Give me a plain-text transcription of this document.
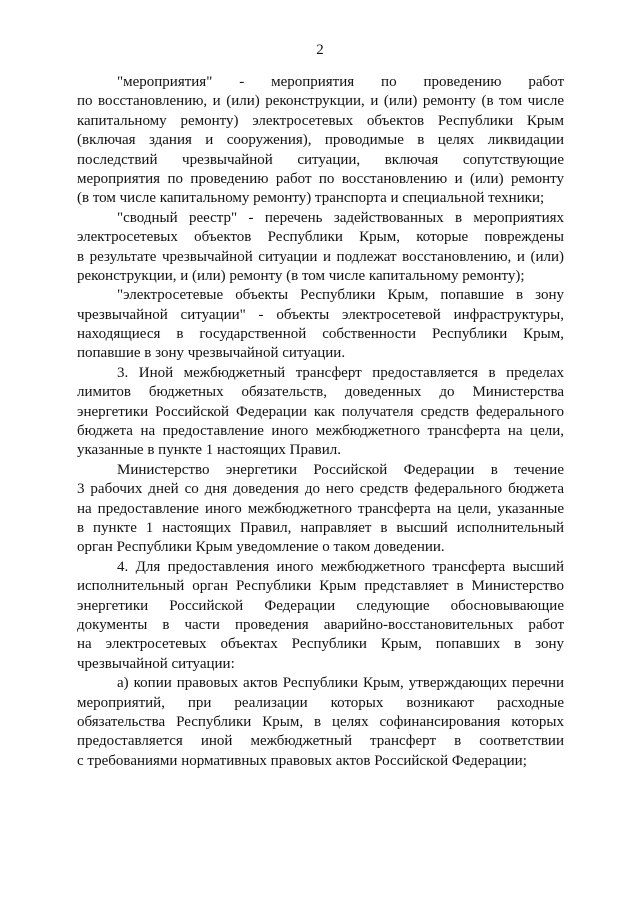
2
"мероприятия" - мероприятия по проведению работ
по восстановлению, и (или) реконструкции, и (или) ремонту (в том числе
капитальному ремонту) электросетевых объектов Республики Крым
(включая здания и сооружения), проводимые в целях ликвидации
последствий чрезвычайной ситуации, включая сопутствующие
мероприятия по проведению работ по восстановлению и (или) ремонту
(в том числе капитальному ремонту) транспорта и специальной техники;
"сводный реестр" - перечень задействованных в мероприятиях
электросетевых объектов Республики Крым, которые повреждены
в результате чрезвычайной ситуации и подлежат восстановлению, и (или)
реконструкции, и (или) ремонту (в том числе капитальному ремонту);
"электросетевые объекты Республики Крым, попавшие в зону
чрезвычайной ситуации" - объекты электросетевой инфраструктуры,
находящиеся в государственной собственности Республики Крым,
попавшие в зону чрезвычайной ситуации.
3. Иной межбюджетный трансферт предоставляется в пределах
лимитов бюджетных обязательств, доведенных до Министерства
энергетики Российской Федерации как получателя средств федерального
бюджета на предоставление иного межбюджетного трансферта на цели,
указанные в пункте 1 настоящих Правил.
Министерство энергетики Российской Федерации в течение
3 рабочих дней со дня доведения до него средств федерального бюджета
на предоставление иного межбюджетного трансферта на цели, указанные
в пункте 1 настоящих Правил, направляет в высший исполнительный
орган Республики Крым уведомление о таком доведении.
4. Для предоставления иного межбюджетного трансферта высший
исполнительный орган Республики Крым представляет в Министерство
энергетики Российской Федерации следующие обосновывающие
документы в части проведения аварийно-восстановительных работ
на электросетевых объектах Республики Крым, попавших в зону
чрезвычайной ситуации:
а) копии правовых актов Республики Крым, утверждающих перечни
мероприятий, при реализации которых возникают расходные
обязательства Республики Крым, в целях софинансирования которых
предоставляется иной межбюджетный трансферт в соответствии
с требованиями нормативных правовых актов Российской Федерации;
